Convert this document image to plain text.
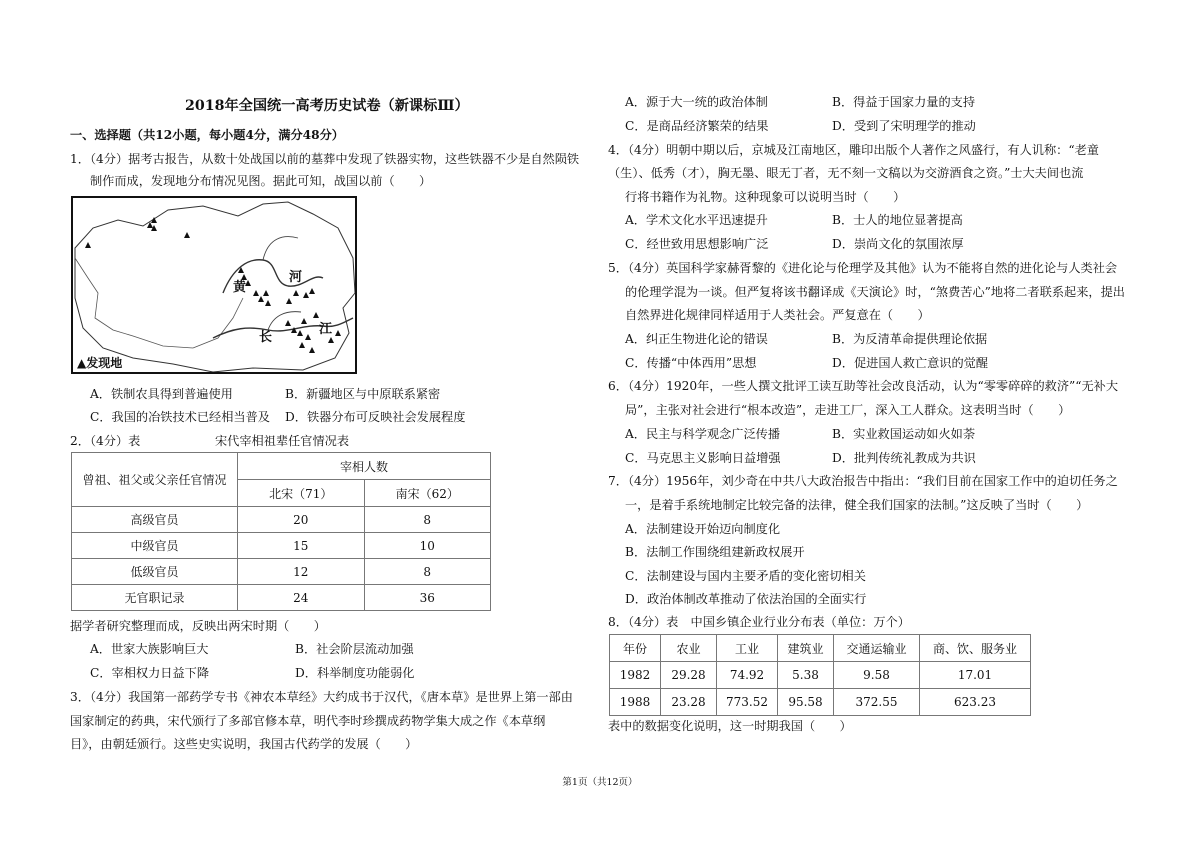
2018年全国统一高考历史试卷（新课标Ⅲ）
一、选择题（共12小题，每小题4分，满分48分）
1．（4分）据考古报告，从数十处战国以前的墓葬中发现了铁器实物，这些铁器不少是自然陨铁
制作而成，发现地分布情况见图。据此可知，战国以前（　　）
黄
河
长
江
▲发现地
A．铁制农具得到普遍使用	B．新疆地区与中原联系紧密
C．我国的冶铁技术已经相当普及 D．铁器分布可反映社会发展程度
2．（4分）表	宋代宰相祖辈任官情况表
曾祖、祖父或父亲任官情况	宰相人数	
	北宋（71）	南宋（62）
高级官员	20	8
中级官员	15	10
低级官员	12	8
无官职记录	24	36
据学者研究整理而成，反映出两宋时期（　　）
A．世家大族影响巨大	B．社会阶层流动加强
C．宰相权力日益下降	D．科举制度功能弱化
3．（4分）我国第一部药学专书《神农本草经》大约成书于汉代，《唐本草》是世界上第一部由
国家制定的药典，宋代颁行了多部官修本草，明代李时珍撰成药物学集大成之作《本草纲
目》，由朝廷颁行。这些史实说明，我国古代药学的发展（　　）
A．源于大一统的政治体制	B．得益于国家力量的支持
C．是商品经济繁荣的结果	D．受到了宋明理学的推动
4．（4分）明朝中期以后，京城及江南地区，雕印出版个人著作之风盛行，有人讥称：“老童
（生）、低秀（才），胸无墨、眼无丁者，无不刻一文稿以为交游酒食之资。”士大夫间也流
行将书籍作为礼物。这种现象可以说明当时（　　）
A．学术文化水平迅速提升	B．士人的地位显著提高
C．经世致用思想影响广泛	D．崇尚文化的氛围浓厚
5．（4分）英国科学家赫胥黎的《进化论与伦理学及其他》认为不能将自然的进化论与人类社会
的伦理学混为一谈。但严复将该书翻译成《天演论》时，“煞费苦心”地将二者联系起来，提出
自然界进化规律同样适用于人类社会。严复意在（　　）
A．纠正生物进化论的错误	B．为反清革命提供理论依据
C．传播“中体西用”思想	D．促进国人救亡意识的觉醒
6．（4分）1920年，一些人撰文批评工读互助等社会改良活动，认为“零零碎碎的救济”“无补大
局”，主张对社会进行“根本改造”，走进工厂，深入工人群众。这表明当时（　　）
A．民主与科学观念广泛传播	B．实业救国运动如火如荼
C．马克思主义影响日益增强	D．批判传统礼教成为共识
7．（4分）1956年，刘少奇在中共八大政治报告中指出：“我们目前在国家工作中的迫切任务之
一，是着手系统地制定比较完备的法律，健全我们国家的法制。”这反映了当时（　　）
A．法制建设开始迈向制度化
B．法制工作围绕组建新政权展开
C．法制建设与国内主要矛盾的变化密切相关
D．政治体制改革推动了依法治国的全面实行
8．（4分）表　中国乡镇企业行业分布表（单位：万个）
年份	农业	工业	建筑业	交通运输业	商、饮、服务业
1982	29.28	74.92	5.38	9.58	17.01
1988	23.28	773.52	95.58	372.55	623.23
表中的数据变化说明，这一时期我国（　　）
第1页（共12页）
